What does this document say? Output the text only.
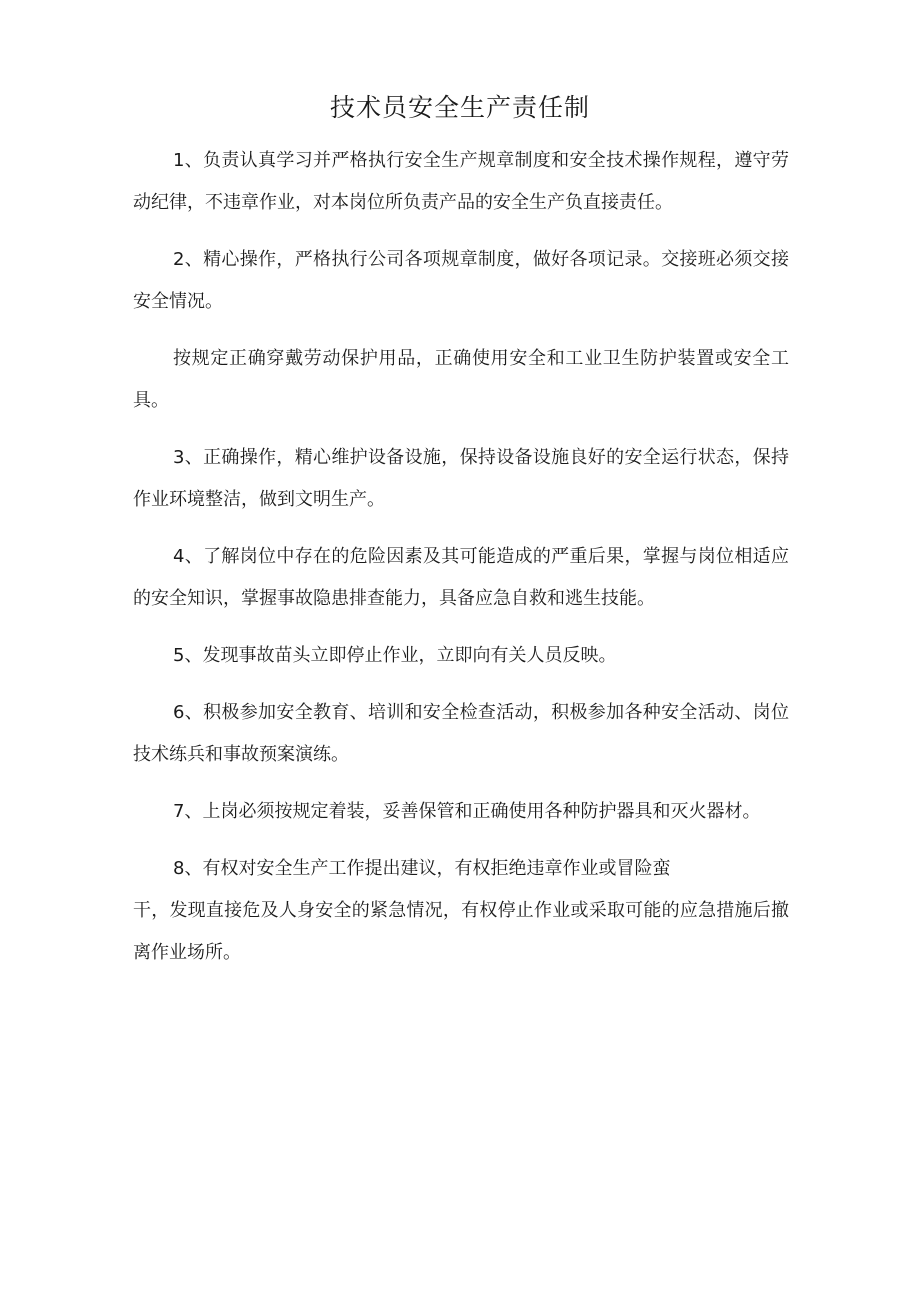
技术员安全生产责任制

1、负责认真学习并严格执行安全生产规章制度和安全技术操作规程，遵守劳动纪律，不违章作业，对本岗位所负责产品的安全生产负直接责任。

2、精心操作，严格执行公司各项规章制度，做好各项记录。交接班必须交接安全情况。

按规定正确穿戴劳动保护用品，正确使用安全和工业卫生防护装置或安全工具。

3、正确操作，精心维护设备设施，保持设备设施良好的安全运行状态，保持作业环境整洁，做到文明生产。

4、了解岗位中存在的危险因素及其可能造成的严重后果，掌握与岗位相适应的安全知识，掌握事故隐患排查能力，具备应急自救和逃生技能。

5、发现事故苗头立即停止作业，立即向有关人员反映。

6、积极参加安全教育、培训和安全检查活动，积极参加各种安全活动、岗位技术练兵和事故预案演练。

7、上岗必须按规定着装，妥善保管和正确使用各种防护器具和灭火器材。

8、有权对安全生产工作提出建议，有权拒绝违章作业或冒险蛮

干，发现直接危及人身安全的紧急情况，有权停止作业或采取可能的应急措施后撤离作业场所。
